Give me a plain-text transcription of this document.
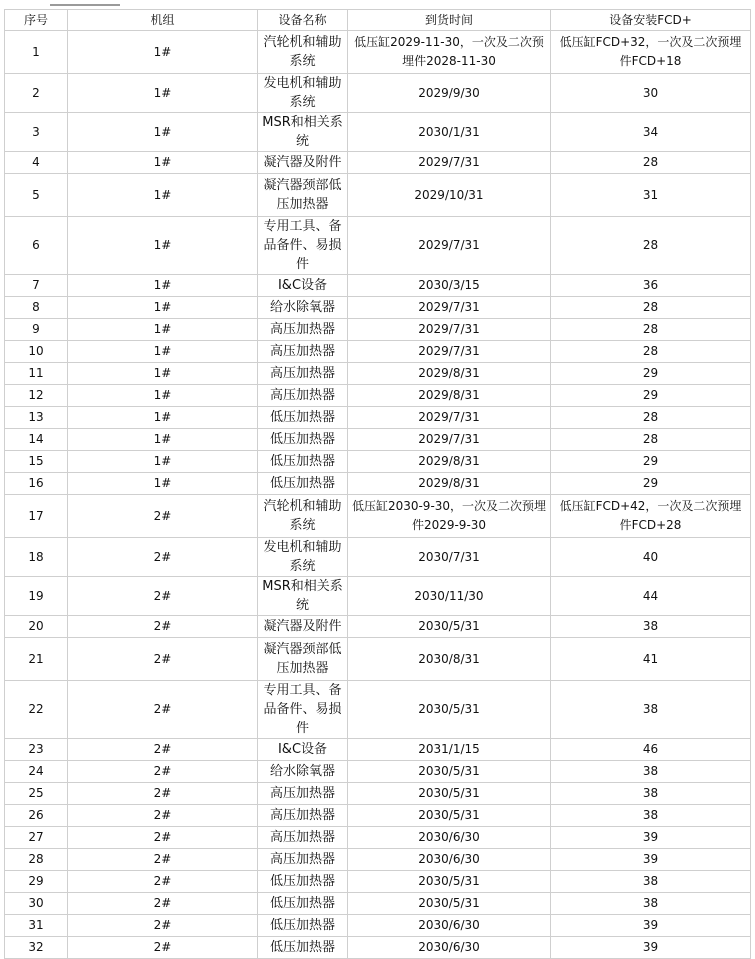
序号	机组	设备名称	到货时间	设备安装FCD+
1	1#	汽轮机和辅助系统	低压缸2029-11-30，一次及二次预埋件2028-11-30	低压缸FCD+32，一次及二次预埋件FCD+18
2	1#	发电机和辅助系统	2029/9/30	30
3	1#	MSR和相关系统	2030/1/31	34
4	1#	凝汽器及附件	2029/7/31	28
5	1#	凝汽器颈部低压加热器	2029/10/31	31
6	1#	专用工具、备品备件、易损件	2029/7/31	28
7	1#	I&C设备	2030/3/15	36
8	1#	给水除氧器	2029/7/31	28
9	1#	高压加热器	2029/7/31	28
10	1#	高压加热器	2029/7/31	28
11	1#	高压加热器	2029/8/31	29
12	1#	高压加热器	2029/8/31	29
13	1#	低压加热器	2029/7/31	28
14	1#	低压加热器	2029/7/31	28
15	1#	低压加热器	2029/8/31	29
16	1#	低压加热器	2029/8/31	29
17	2#	汽轮机和辅助系统	低压缸2030-9-30，一次及二次预埋件2029-9-30	低压缸FCD+42，一次及二次预埋件FCD+28
18	2#	发电机和辅助系统	2030/7/31	40
19	2#	MSR和相关系统	2030/11/30	44
20	2#	凝汽器及附件	2030/5/31	38
21	2#	凝汽器颈部低压加热器	2030/8/31	41
22	2#	专用工具、备品备件、易损件	2030/5/31	38
23	2#	I&C设备	2031/1/15	46
24	2#	给水除氧器	2030/5/31	38
25	2#	高压加热器	2030/5/31	38
26	2#	高压加热器	2030/5/31	38
27	2#	高压加热器	2030/6/30	39
28	2#	高压加热器	2030/6/30	39
29	2#	低压加热器	2030/5/31	38
30	2#	低压加热器	2030/5/31	38
31	2#	低压加热器	2030/6/30	39
32	2#	低压加热器	2030/6/30	39
